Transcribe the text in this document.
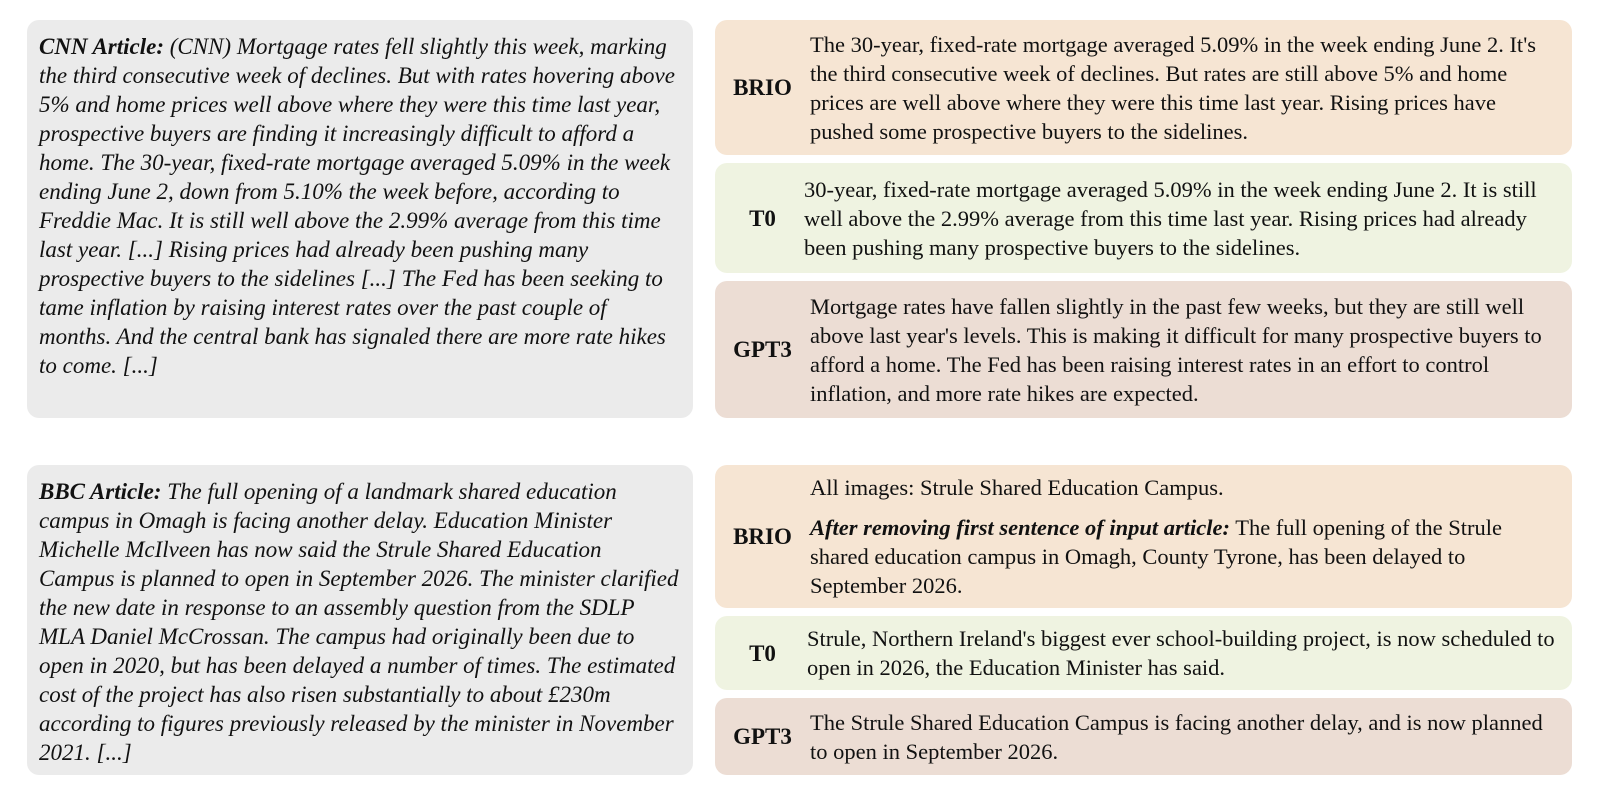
CNN Article: (CNN) Mortgage rates fell slightly this week, marking the third consecutive week of declines. But with rates hovering above 5% and home prices well above where they were this time last year, prospective buyers are finding it increasingly difficult to afford a home. The 30-year, fixed-rate mortgage averaged 5.09% in the week ending June 2, down from 5.10% the week before, according to Freddie Mac. It is still well above the 2.99% average from this time last year. [...] Rising prices had already been pushing many prospective buyers to the sidelines [...] The Fed has been seeking to tame inflation by raising interest rates over the past couple of months. And the central bank has signaled there are more rate hikes to come. [...]
BRIO

The 30-year, fixed-rate mortgage averaged 5.09% in the week ending June 2. It's the third consecutive week of declines. But rates are still above 5% and home prices are well above where they were this time last year. Rising prices have pushed some prospective buyers to the sidelines.

T0

30-year, fixed-rate mortgage averaged 5.09% in the week ending June 2. It is still well above the 2.99% average from this time last year. Rising prices had already been pushing many prospective buyers to the sidelines.

GPT3

Mortgage rates have fallen slightly in the past few weeks, but they are still well above last year's levels. This is making it difficult for many prospective buyers to afford a home. The Fed has been raising interest rates in an effort to control inflation, and more rate hikes are expected.

BBC Article: The full opening of a landmark shared education campus in Omagh is facing another delay. Education Minister Michelle McIlveen has now said the Strule Shared Education Campus is planned to open in September 2026. The minister clarified the new date in response to an assembly question from the SDLP MLA Daniel McCrossan. The campus had originally been due to open in 2020, but has been delayed a number of times. The estimated cost of the project has also risen substantially to about £230m according to figures previously released by the minister in November 2021. [...]
BRIO

All images: Strule Shared Education Campus.

After removing first sentence of input article: The full opening of the Strule shared education campus in Omagh, County Tyrone, has been delayed to September 2026.

T0

Strule, Northern Ireland's biggest ever school-building project, is now scheduled to open in 2026, the Education Minister has said.

GPT3

The Strule Shared Education Campus is facing another delay, and is now planned to open in September 2026.
